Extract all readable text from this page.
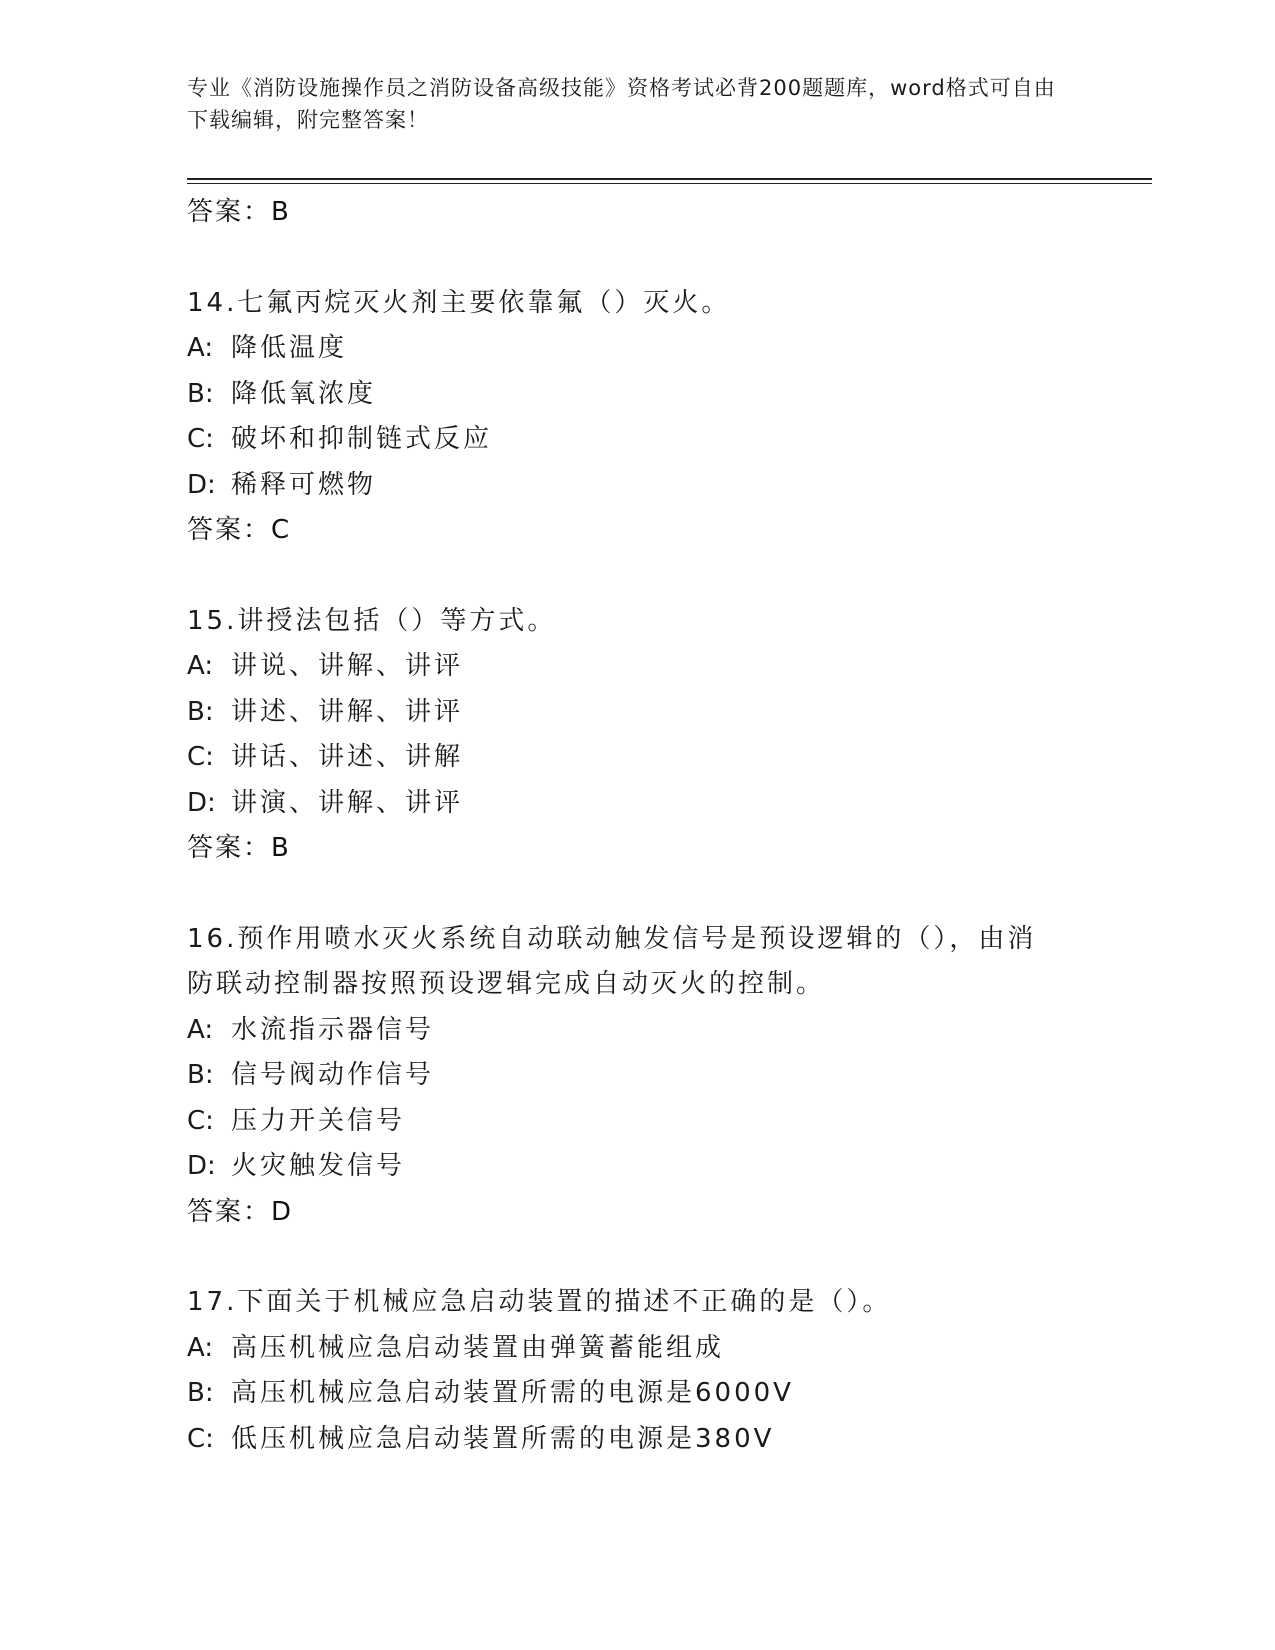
专业《消防设施操作员之消防设备高级技能》资格考试必背200题题库，word格式可自由下载编辑，附完整答案！
答案：B
14.七氟丙烷灭火剂主要依靠氟（）灭火。
A: 降低温度
B: 降低氧浓度
C: 破坏和抑制链式反应
D: 稀释可燃物
答案：C
15.讲授法包括（）等方式。
A: 讲说、讲解、讲评
B: 讲述、讲解、讲评
C: 讲话、讲述、讲解
D: 讲演、讲解、讲评
答案：B
16.预作用喷水灭火系统自动联动触发信号是预设逻辑的（），由消防联动控制器按照预设逻辑完成自动灭火的控制。
A: 水流指示器信号
B: 信号阀动作信号
C: 压力开关信号
D: 火灾触发信号
答案：D
17.下面关于机械应急启动装置的描述不正确的是（）。
A: 高压机械应急启动装置由弹簧蓄能组成
B: 高压机械应急启动装置所需的电源是6000V
C: 低压机械应急启动装置所需的电源是380V
